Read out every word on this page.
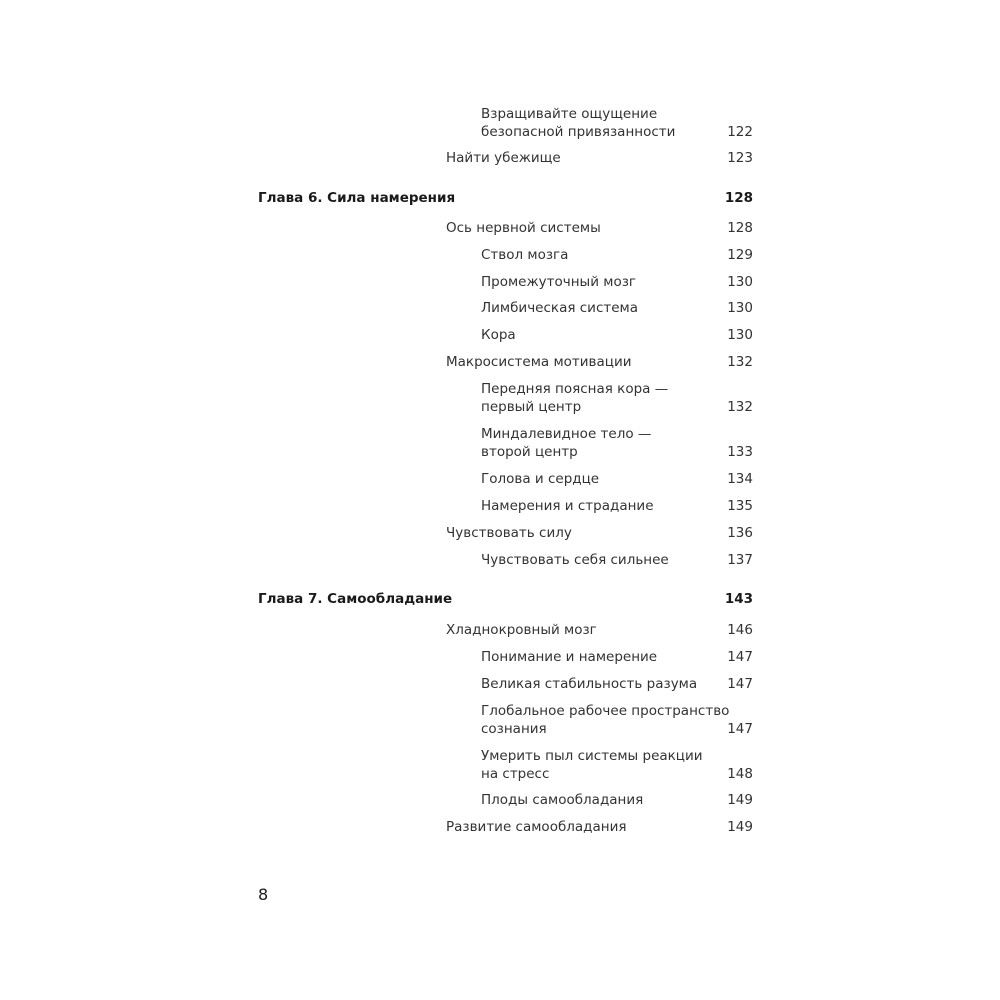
Взращивайте ощущение
безопасной привязанности	122
Найти убежище	123
Глава 6. Сила намерения	128
Ось нервной системы	128
Ствол мозга	129
Промежуточный мозг	130
Лимбическая система	130
Кора	130
Макросистема мотивации	132
Передняя поясная кора —
первый центр	132
Миндалевидное тело —
второй центр	133
Голова и сердце	134
Намерения и страдание	135
Чувствовать силу	136
Чувствовать себя сильнее	137
Глава 7. Самообладание	143
Хладнокровный мозг	146
Понимание и намерение	147
Великая стабильность разума 147
Глобальное рабочее пространство
сознания	147
Умерить пыл системы реакции
на стресс	148
Плоды самообладания	149
Развитие самообладания	149
8
